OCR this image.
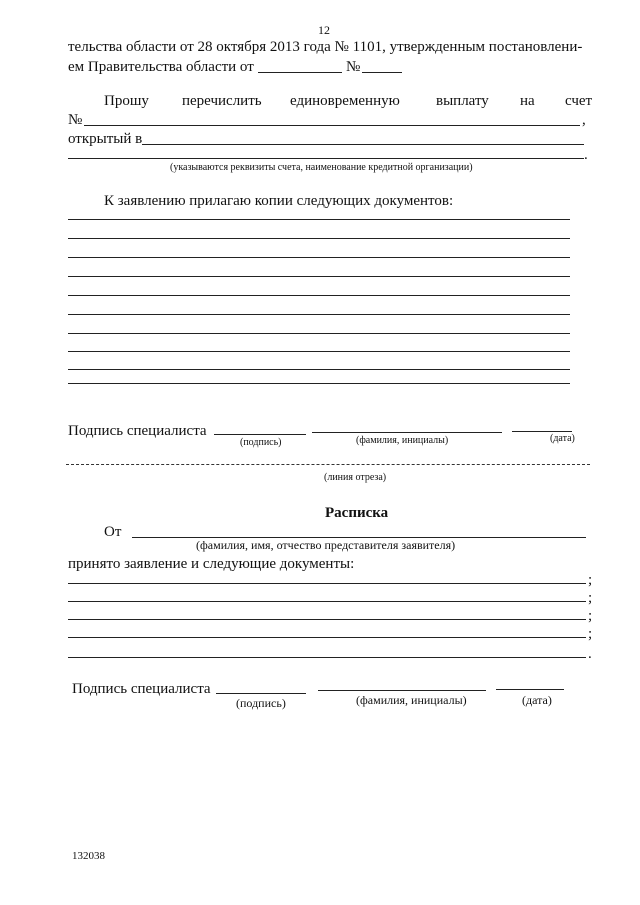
12
тельства области от 28 октября 2013 года № 1101, утвержденным постановлени-
ем Правительства области от	№
Прошу перечислить единовременную выплату на счет
№	,
открытый в
.
(указываются реквизиты счета, наименование кредитной организации)
К заявлению прилагаю копии следующих документов:
Подпись специалиста
(подпись)	(фамилия, инициалы)	(дата)
(линия отреза)
Расписка
От
(фамилия, имя, отчество представителя заявителя)
принято заявление и следующие документы:
;
;
;
;
.
Подпись специалиста
(подпись)	(фамилия, инициалы)	(дата)
132038
